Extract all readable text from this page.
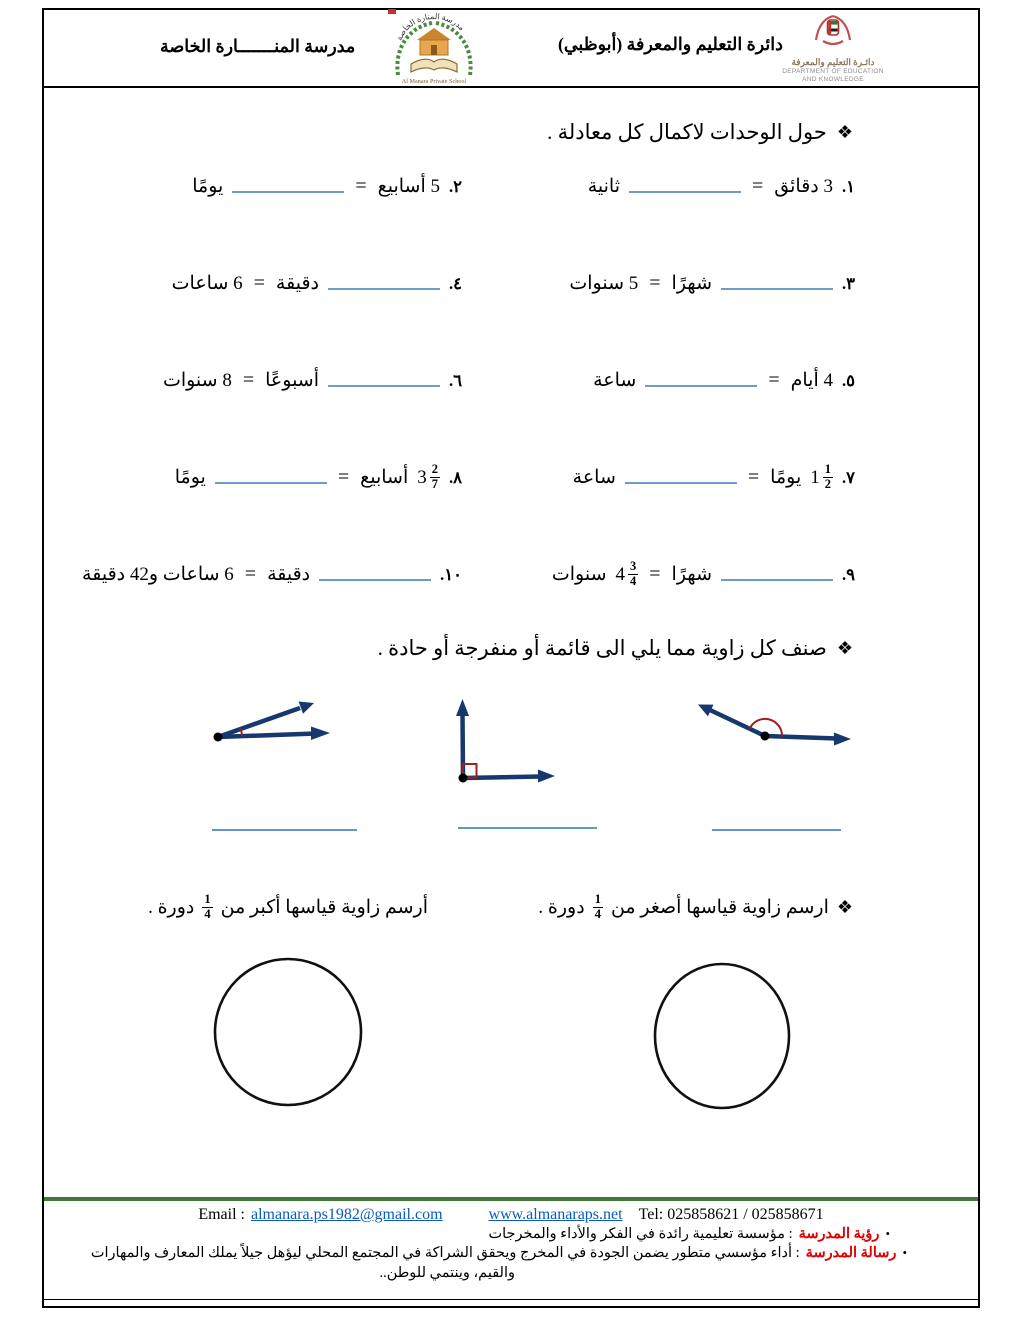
مدرسة المنـــــــارة الخاصة	مدرسة المنارة الخاصة
Al Manara Private School
دائرة التعليم والمعرفة (أبوظبي)
دائـرة التعليم والمعرفة
DEPARTMENT OF EDUCATION
AND KNOWLEDGE
❖
حول الوحدات لاكمال كل معادلة .
١.
3 دقائق
=
ثانية
٢.
5 أسابيع
=
يومًا
٣.
شهرًا
=
5 سنوات
٤.
دقيقة
=
6 ساعات
٥.
4 أيام
=
ساعة
٦.
أسبوعًا
=
8 سنوات
٧.
$1 \frac{1}{2}$
يومًا
=
ساعة
٨.
$3 \frac{2}{7}$
أسابيع
=
يومًا
٩.
شهرًا
=
$4 \frac{3}{4}$
سنوات
١٠.
دقيقة
=
6 ساعات و42 دقيقة
❖
صنف كل زاوية مما يلي الى قائمة أو منفرجة أو حادة .
❖
ارسم زاوية قياسها أصغر من
$\frac{1}{4}$
دورة .
أرسم زاوية قياسها أكبر من
$\frac{1}{4}$
دورة .
Email : almanara.ps1982@gmail.com	www.almanaraps.net Tel: 025858621 / 025858671
•
رؤية المدرسة
: مؤسسة تعليمية رائدة في الفكر والأداء والمخرجات
•
رسالة المدرسة
: أداء مؤسسي متطور يضمن الجودة في المخرج ويحقق الشراكة في المجتمع المحلي ليؤهل جيلاً يملك المعارف والمهارات
والقيم، وينتمي للوطن..
